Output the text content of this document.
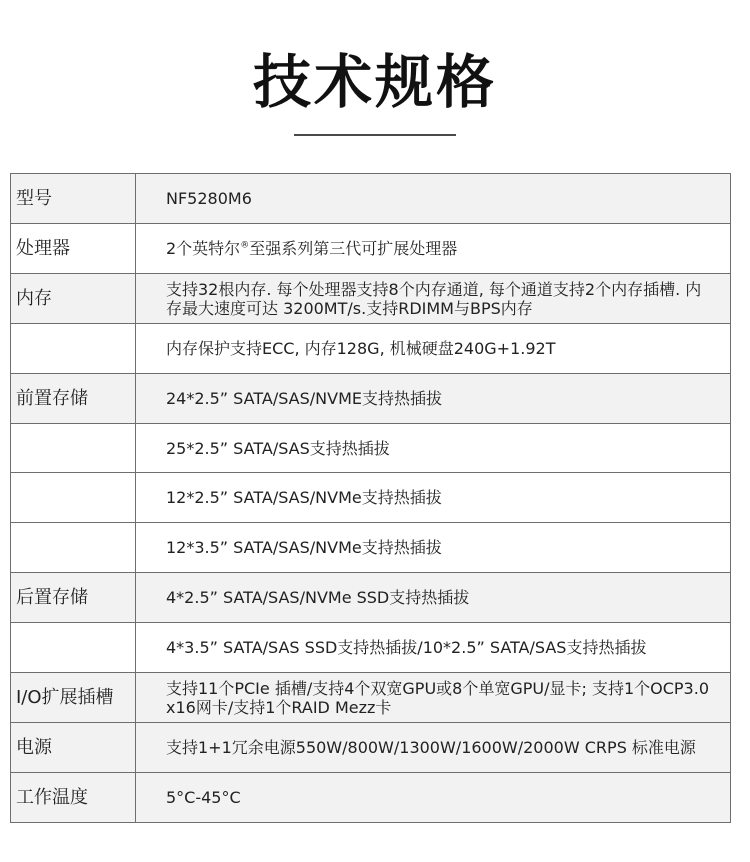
技术规格
型号	NF5280M6
处理器	2个英特尔®至强系列第三代可扩展处理器
内存	支持32根内存. 每个处理器支持8个内存通道, 每个通道支持2个内存插槽. 内存最大速度可达 3200MT/s.支持RDIMM与BPS内存
	内存保护支持ECC, 内存128G, 机械硬盘240G+1.92T
前置存储	24*2.5” SATA/SAS/NVME支持热插拔
	25*2.5” SATA/SAS支持热插拔
	12*2.5” SATA/SAS/NVMe支持热插拔
	12*3.5” SATA/SAS/NVMe支持热插拔
后置存储	4*2.5” SATA/SAS/NVMe SSD支持热插拔
	4*3.5” SATA/SAS SSD支持热插拔/10*2.5” SATA/SAS支持热插拔
I/O扩展插槽	支持11个PCIe 插槽/支持4个双宽GPU或8个单宽GPU/显卡; 支持1个OCP3.0 x16网卡/支持1个RAID Mezz卡
电源	支持1+1冗余电源550W/800W/1300W/1600W/2000W CRPS 标准电源
工作温度	5°C-45°C
